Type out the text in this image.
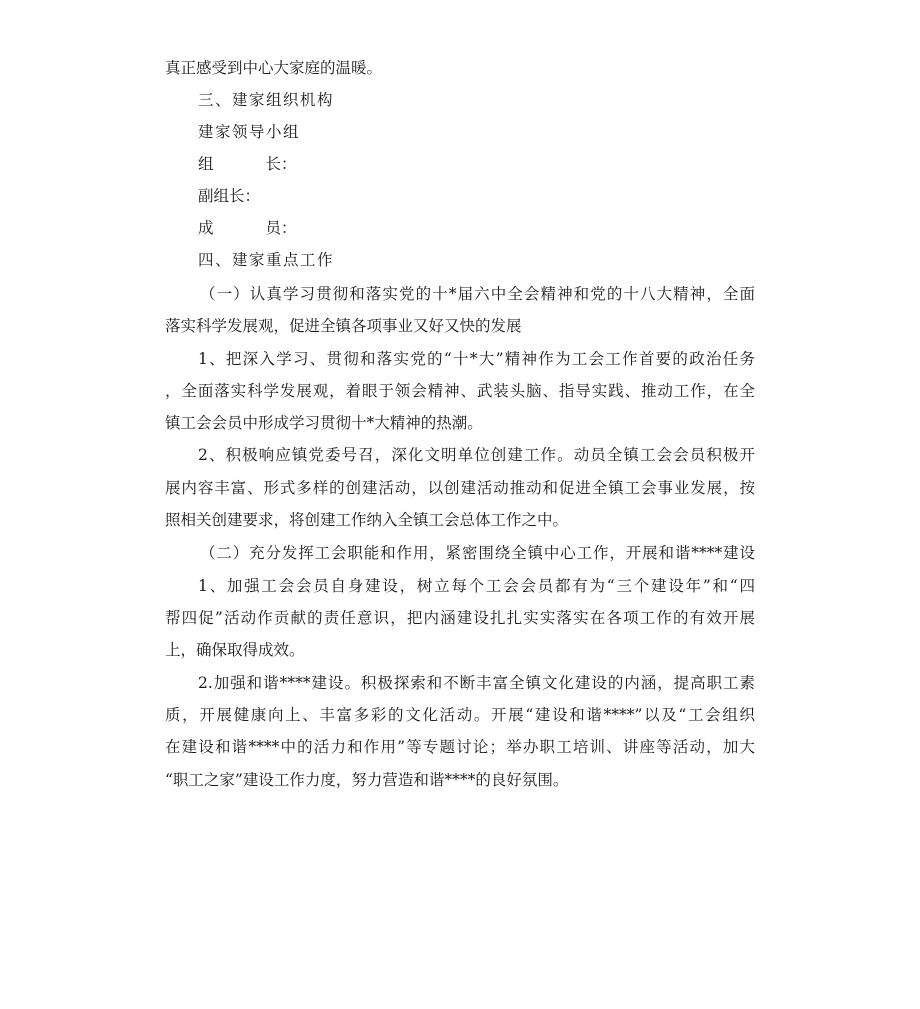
真正感受到中心大家庭的温暖。
三、建家组织机构
建家领导小组
组	长：
副组长：
成	员：
四、建家重点工作
（一）认真学习贯彻和落实党的十*届六中全会精神和党的十八大精神，全面
落实科学发展观，促进全镇各项事业又好又快的发展
1、把深入学习、贯彻和落实党的“十*大”精神作为工会工作首要的政治任务
，全面落实科学发展观，着眼于领会精神、武装头脑、指导实践、推动工作，在全
镇工会会员中形成学习贯彻十*大精神的热潮。
2、积极响应镇党委号召，深化文明单位创建工作。动员全镇工会会员积极开
展内容丰富、形式多样的创建活动，以创建活动推动和促进全镇工会事业发展，按
照相关创建要求，将创建工作纳入全镇工会总体工作之中。
（二）充分发挥工会职能和作用，紧密围绕全镇中心工作，开展和谐****建设
1、加强工会会员自身建设，树立每个工会会员都有为“三个建设年”和“四
帮四促”活动作贡献的责任意识，把内涵建设扎扎实实落实在各项工作的有效开展
上，确保取得成效。
2.加强和谐****建设。积极探索和不断丰富全镇文化建设的内涵，提高职工素
质，开展健康向上、丰富多彩的文化活动。开展“建设和谐****”以及“工会组织
在建设和谐****中的活力和作用”等专题讨论；举办职工培训、讲座等活动，加大
“职工之家”建设工作力度，努力营造和谐****的良好氛围。
